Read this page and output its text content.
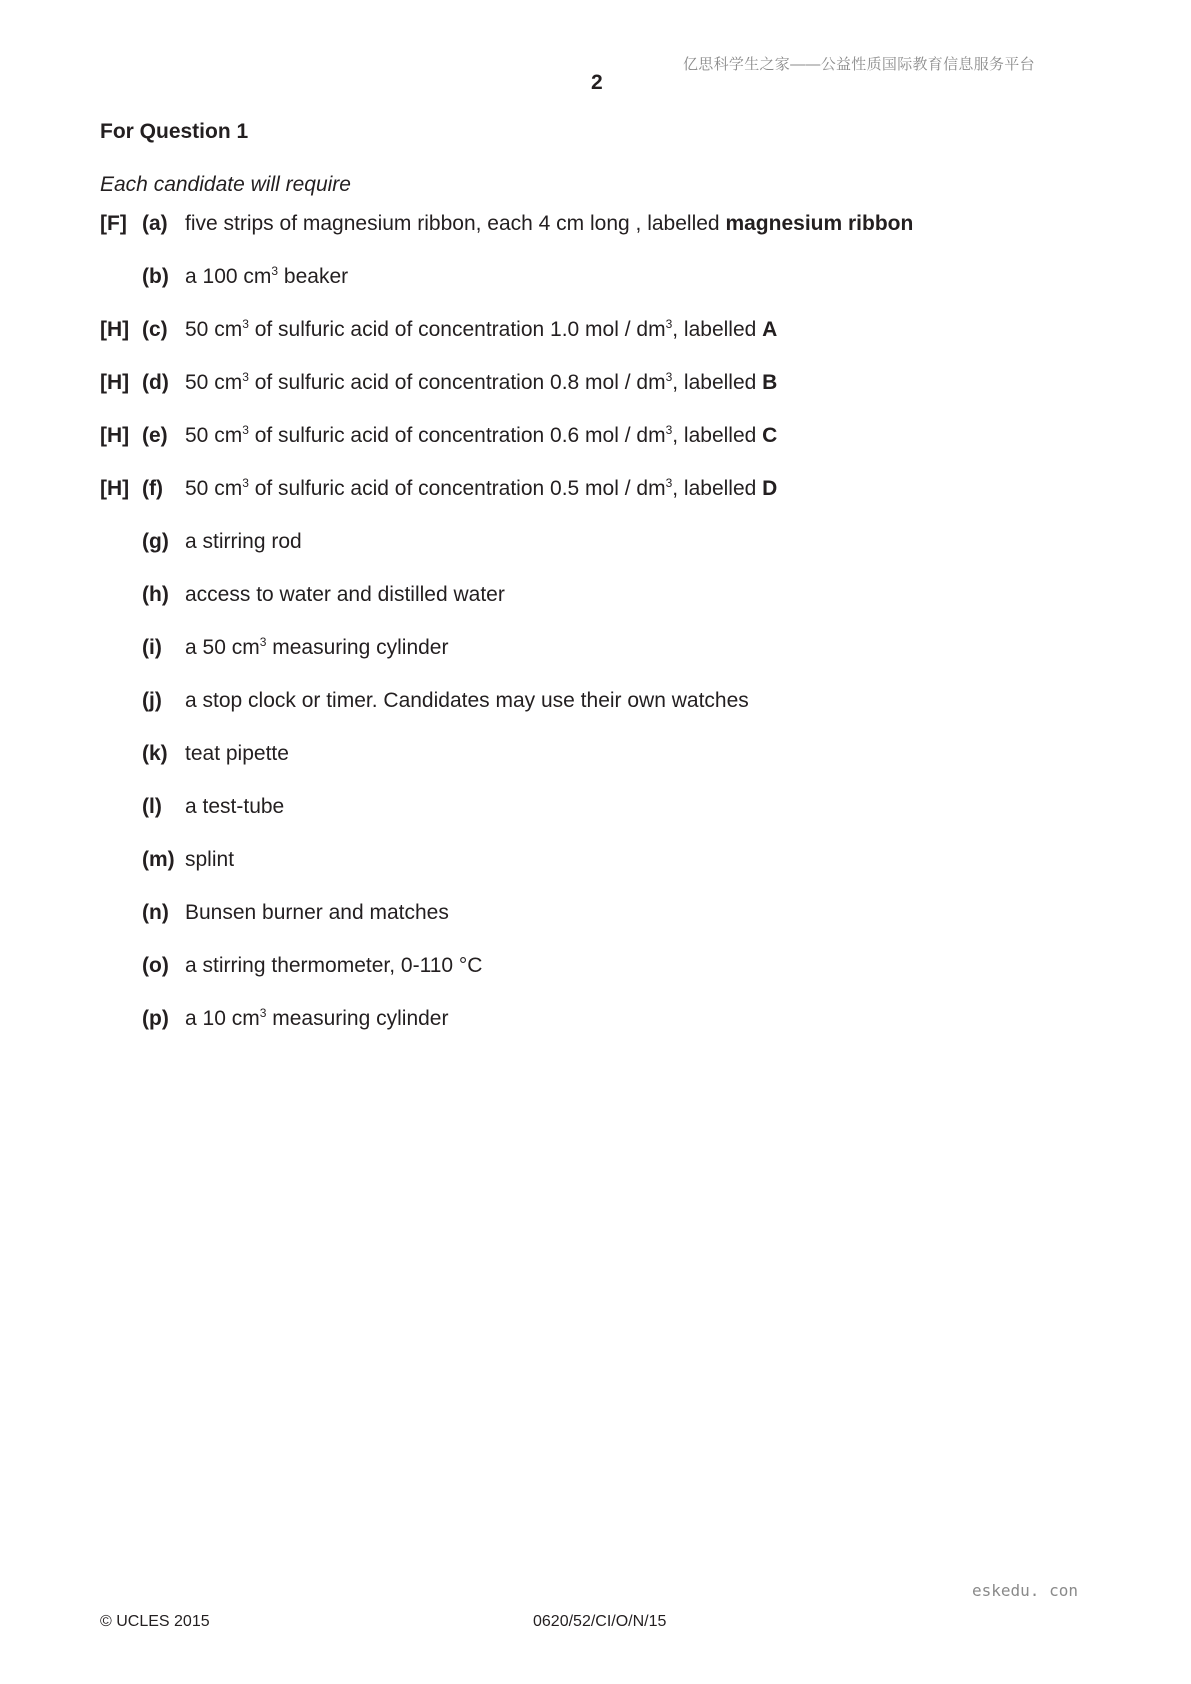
亿思科学生之家——公益性质国际教育信息服务平台
2
For Question 1
Each candidate will require
[F] (a) five strips of magnesium ribbon, each 4 cm long , labelled magnesium ribbon
(b) a 100 $cm^3$ beaker
[H] (c) 50 $cm^3$ of sulfuric acid of concentration 1.0 mol / $dm^3$, labelled A
[H] (d) 50 $cm^3$ of sulfuric acid of concentration 0.8 mol / $dm^3$, labelled B
[H] (e) 50 $cm^3$ of sulfuric acid of concentration 0.6 mol / $dm^3$, labelled C
[H] (f) 50 $cm^3$ of sulfuric acid of concentration 0.5 mol / $dm^3$, labelled D
(g) a stirring rod
(h) access to water and distilled water
(i) a 50 $cm^3$ measuring cylinder
(j) a stop clock or timer. Candidates may use their own watches
(k) teat pipette
(l) a test-tube
(m) splint
(n) Bunsen burner and matches
(o) a stirring thermometer, 0-110 °C
(p) a 10 $cm^3$ measuring cylinder
eskedu. con
© UCLES 2015	0620/52/CI/O/N/15
